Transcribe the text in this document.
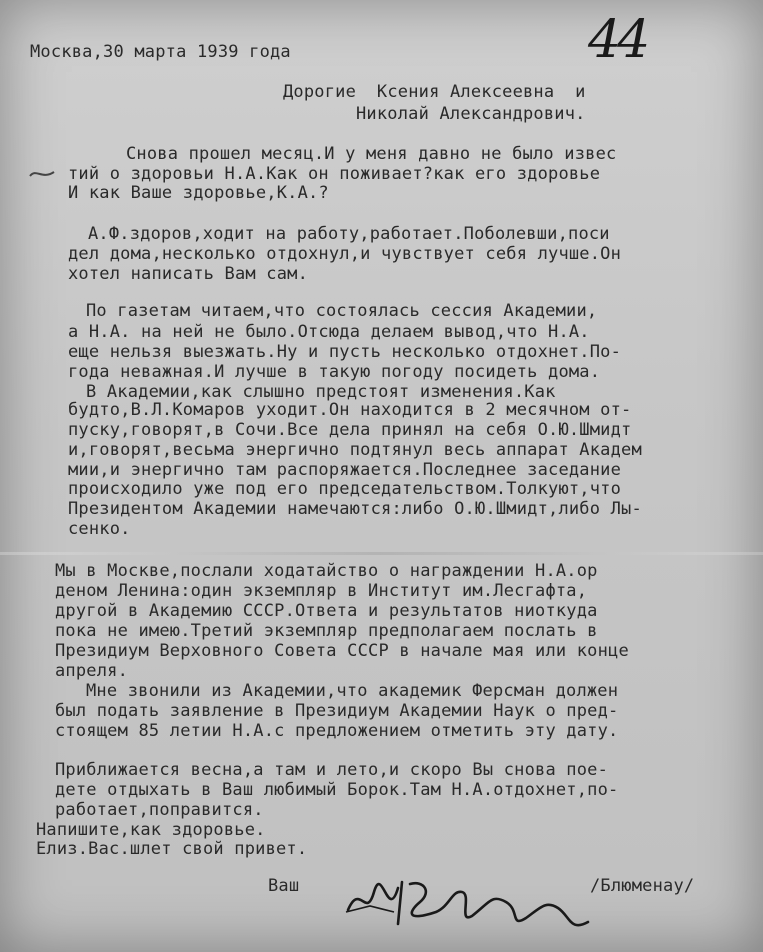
44
Москва,30 марта 1939 года
Дорогие  Ксения Алексеевна  и
Николай Александрович.
Снова прошел месяц.И у меня давно не было извес
тий о здоровьи Н.А.Как он поживает?как его здоровье
И как Ваше здоровье,К.А.?
А.Ф.здоров,ходит на работу,работает.Поболевши,поси
дел дома,несколько отдохнул,и чувствует себя лучше.Он
хотел написать Вам сам.
По газетам читаем,что состоялась сессия Академии,
а Н.А. на ней не было.Отсюда делаем вывод,что Н.А.
еще нельзя выезжать.Ну и пусть несколько отдохнет.По-
года неважная.И лучше в такую погоду посидеть дома.
В Академии,как слышно предстоят изменения.Как
будто,В.Л.Комаров уходит.Он находится в 2 месячном от-
пуску,говорят,в Сочи.Все дела принял на себя О.Ю.Шмидт
и,говорят,весьма энергично подтянул весь аппарат Академ
мии,и энергично там распоряжается.Последнее заседание
происходило уже под его председательством.Толкуют,что
Президентом Академии намечаются:либо О.Ю.Шмидт,либо Лы-
сенко.
Мы в Москве,послали ходатайство о награждении Н.А.ор
деном Ленина:один экземпляр в Институт им.Лесгафта,
другой в Академию СССР.Ответа и результатов ниоткуда
пока не имею.Третий экземпляр предполагаем послать в
Президиум Верховного Совета СССР в начале мая или конце
апреля.
Мне звонили из Академии,что академик Ферсман должен
был подать заявление в Президиум Академии Наук о пред-
стоящем 85 летии Н.А.с предложением отметить эту дату.
Приближается весна,а там и лето,и скоро Вы снова пое-
дете отдыхать в Ваш любимый Борок.Там Н.А.отдохнет,по-
работает,поправится.
Напишите,как здоровье.
Елиз.Вас.шлет свой привет.
Ваш	/Блюменау/
